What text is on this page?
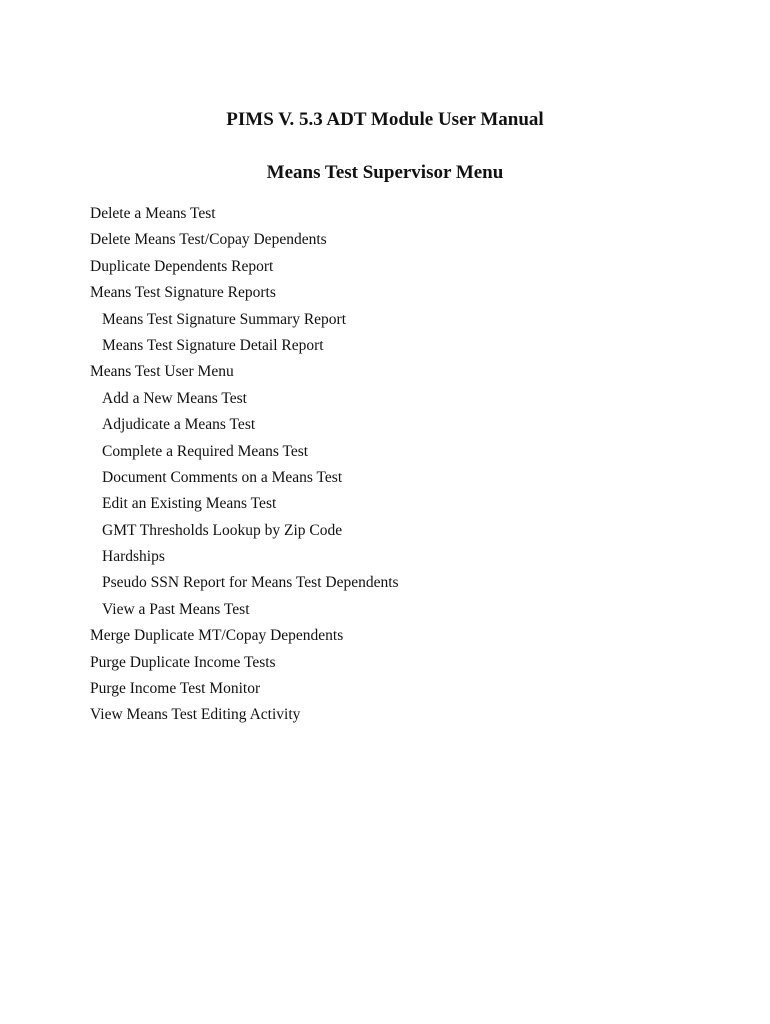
PIMS V. 5.3 ADT Module User Manual
Means Test Supervisor Menu
Delete a Means Test
Delete Means Test/Copay Dependents
Duplicate Dependents Report
Means Test Signature Reports
Means Test Signature Summary Report
Means Test Signature Detail Report
Means Test User Menu
Add a New Means Test
Adjudicate a Means Test
Complete a Required Means Test
Document Comments on a Means Test
Edit an Existing Means Test
GMT Thresholds Lookup by Zip Code
Hardships
Pseudo SSN Report for Means Test Dependents
View a Past Means Test
Merge Duplicate MT/Copay Dependents
Purge Duplicate Income Tests
Purge Income Test Monitor
View Means Test Editing Activity
